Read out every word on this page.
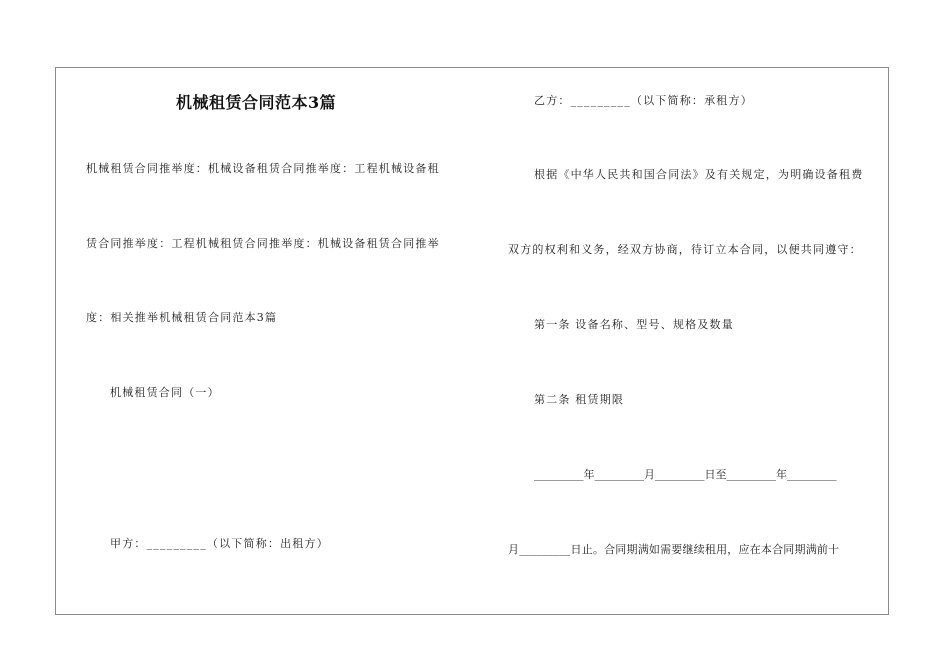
机械租赁合同范本3篇
机械租赁合同推举度：机械设备租赁合同推举度：工程机械设备租
赁合同推举度：工程机械租赁合同推举度：机械设备租赁合同推举
度：相关推举机械租赁合同范本3篇
机械租赁合同（一）
甲方：_________（以下简称：出租方）
乙方：_________（以下简称：承租方）
根据《中华人民共和国合同法》及有关规定，为明确设备租费
双方的权利和义务，经双方协商，待订立本合同，以便共同遵守：
第一条 设备名称、型号、规格及数量
第二条 租赁期限
_________年_________月_________日至_________年_________
月_________日止。合同期满如需要继续租用，应在本合同期满前十
